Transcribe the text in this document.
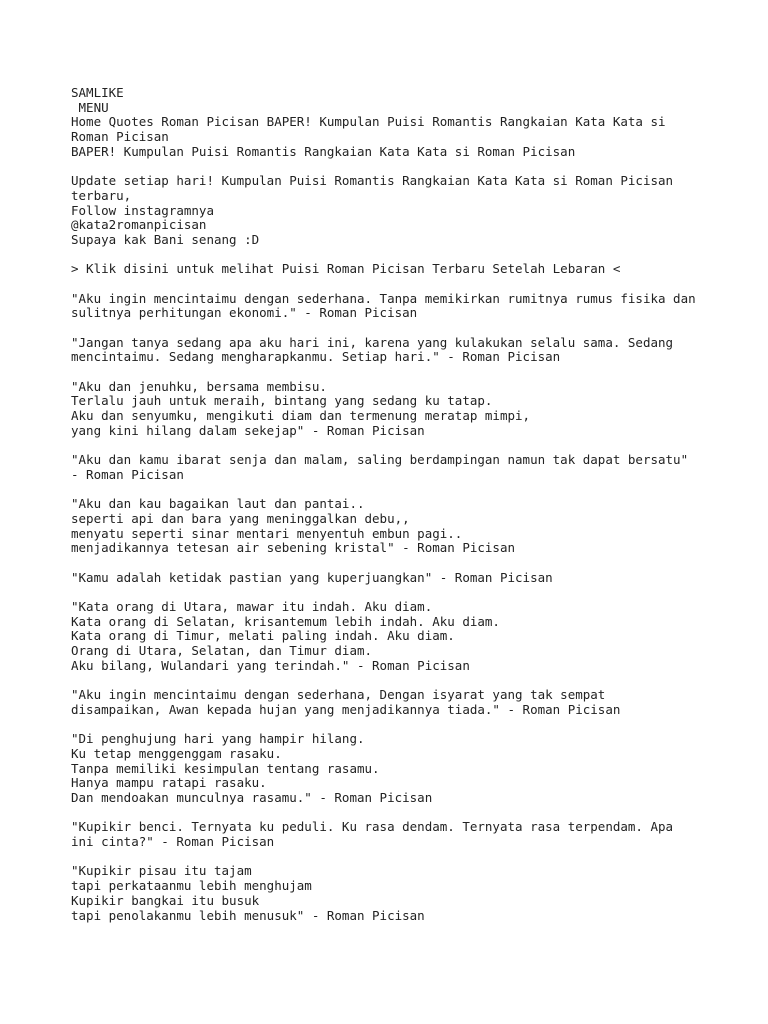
SAMLIKE
MENU
Home Quotes Roman Picisan BAPER! Kumpulan Puisi Romantis Rangkaian Kata Kata si
Roman Picisan
BAPER! Kumpulan Puisi Romantis Rangkaian Kata Kata si Roman Picisan
Update setiap hari! Kumpulan Puisi Romantis Rangkaian Kata Kata si Roman Picisan
terbaru,
Follow instagramnya
@kata2romanpicisan
Supaya kak Bani senang :D
> Klik disini untuk melihat Puisi Roman Picisan Terbaru Setelah Lebaran <
"Aku ingin mencintaimu dengan sederhana. Tanpa memikirkan rumitnya rumus fisika dan
sulitnya perhitungan ekonomi." - Roman Picisan
"Jangan tanya sedang apa aku hari ini, karena yang kulakukan selalu sama. Sedang
mencintaimu. Sedang mengharapkanmu. Setiap hari." - Roman Picisan
"Aku dan jenuhku, bersama membisu.
Terlalu jauh untuk meraih, bintang yang sedang ku tatap.
Aku dan senyumku, mengikuti diam dan termenung meratap mimpi,
yang kini hilang dalam sekejap" - Roman Picisan
"Aku dan kamu ibarat senja dan malam, saling berdampingan namun tak dapat bersatu"
- Roman Picisan
"Aku dan kau bagaikan laut dan pantai..
seperti api dan bara yang meninggalkan debu,,
menyatu seperti sinar mentari menyentuh embun pagi..
menjadikannya tetesan air sebening kristal" - Roman Picisan
"Kamu adalah ketidak pastian yang kuperjuangkan" - Roman Picisan
"Kata orang di Utara, mawar itu indah. Aku diam.
Kata orang di Selatan, krisantemum lebih indah. Aku diam.
Kata orang di Timur, melati paling indah. Aku diam.
Orang di Utara, Selatan, dan Timur diam.
Aku bilang, Wulandari yang terindah." - Roman Picisan
"Aku ingin mencintaimu dengan sederhana, Dengan isyarat yang tak sempat
disampaikan, Awan kepada hujan yang menjadikannya tiada." - Roman Picisan
"Di penghujung hari yang hampir hilang.
Ku tetap menggenggam rasaku.
Tanpa memiliki kesimpulan tentang rasamu.
Hanya mampu ratapi rasaku.
Dan mendoakan munculnya rasamu." - Roman Picisan
"Kupikir benci. Ternyata ku peduli. Ku rasa dendam. Ternyata rasa terpendam. Apa
ini cinta?" - Roman Picisan
"Kupikir pisau itu tajam
tapi perkataanmu lebih menghujam
Kupikir bangkai itu busuk
tapi penolakanmu lebih menusuk" - Roman Picisan
